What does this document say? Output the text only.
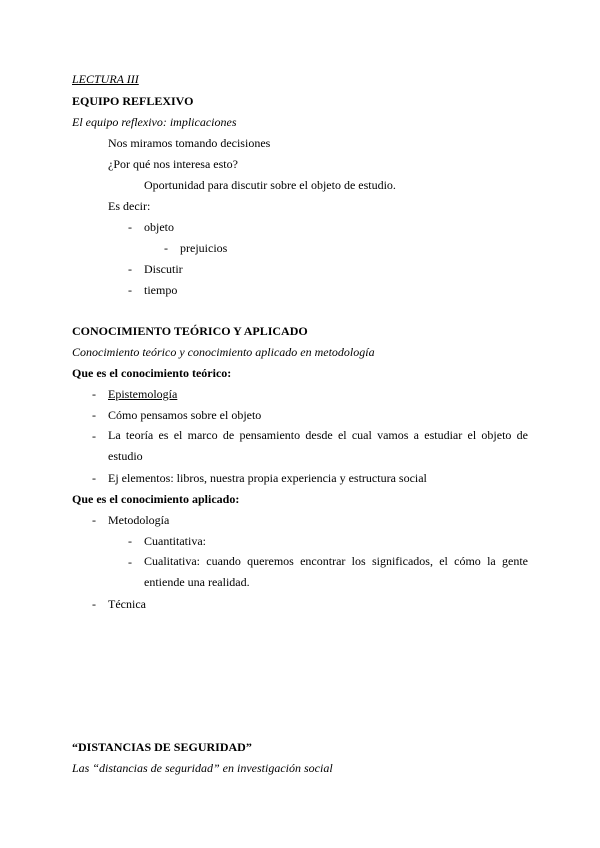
LECTURA III
EQUIPO REFLEXIVO
El equipo reflexivo: implicaciones
Nos miramos tomando decisiones
¿Por qué nos interesa esto?
Oportunidad para discutir sobre el objeto de estudio.
Es decir:
- objeto
- prejuicios
- Discutir
- tiempo
CONOCIMIENTO TEÓRICO Y APLICADO
Conocimiento teórico y conocimiento aplicado en metodología
Que es el conocimiento teórico:
- Epistemología
- Cómo pensamos sobre el objeto
- La teoría es el marco de pensamiento desde el cual vamos a estudiar el objeto de estudio
- Ej elementos: libros, nuestra propia experiencia y estructura social
Que es el conocimiento aplicado:
- Metodología
- Cuantitativa:
- Cualitativa: cuando queremos encontrar los significados, el cómo la gente entiende una realidad.
- Técnica
“DISTANCIAS DE SEGURIDAD”
Las “distancias de seguridad” en investigación social
